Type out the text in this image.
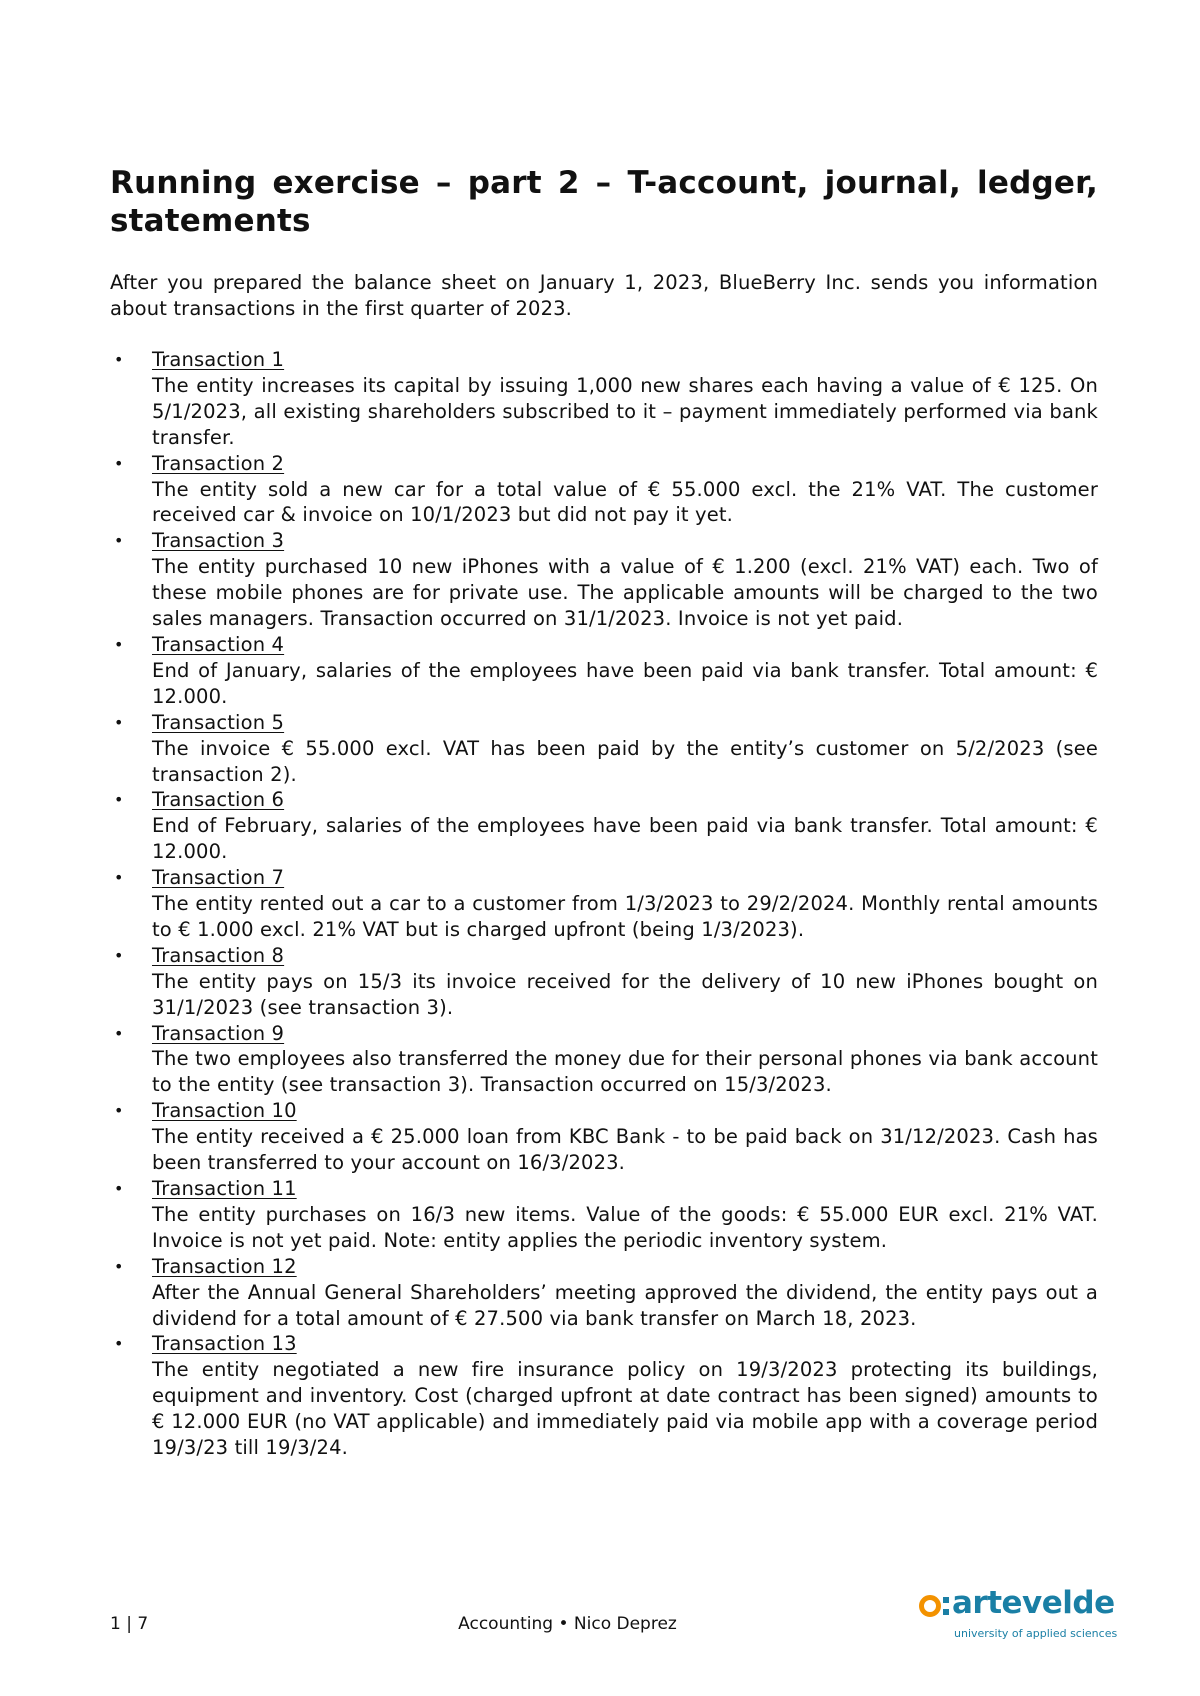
Running exercise – part 2 – T-account, journal, ledger, statements

After you prepared the balance sheet on January 1, 2023, BlueBerry Inc. sends you information about transactions in the first quarter of 2023.

• Transaction 1
The entity increases its capital by issuing 1,000 new shares each having a value of € 125. On 5/1/2023, all existing shareholders subscribed to it – payment immediately performed via bank transfer.
• Transaction 2
The entity sold a new car for a total value of € 55.000 excl. the 21% VAT. The customer received car & invoice on 10/1/2023 but did not pay it yet.
• Transaction 3
The entity purchased 10 new iPhones with a value of € 1.200 (excl. 21% VAT) each. Two of these mobile phones are for private use. The applicable amounts will be charged to the two sales managers. Transaction occurred on 31/1/2023. Invoice is not yet paid.
• Transaction 4
End of January, salaries of the employees have been paid via bank transfer. Total amount: € 12.000.
• Transaction 5
The invoice € 55.000 excl. VAT has been paid by the entity’s customer on 5/2/2023 (see transaction 2).
• Transaction 6
End of February, salaries of the employees have been paid via bank transfer. Total amount: € 12.000.
• Transaction 7
The entity rented out a car to a customer from 1/3/2023 to 29/2/2024. Monthly rental amounts to € 1.000 excl. 21% VAT but is charged upfront (being 1/3/2023).
• Transaction 8
The entity pays on 15/3 its invoice received for the delivery of 10 new iPhones bought on 31/1/2023 (see transaction 3).
• Transaction 9
The two employees also transferred the money due for their personal phones via bank account to the entity (see transaction 3). Transaction occurred on 15/3/2023.
• Transaction 10
The entity received a € 25.000 loan from KBC Bank - to be paid back on 31/12/2023. Cash has been transferred to your account on 16/3/2023.
• Transaction 11
The entity purchases on 16/3 new items. Value of the goods: € 55.000 EUR excl. 21% VAT. Invoice is not yet paid. Note: entity applies the periodic inventory system.
• Transaction 12
After the Annual General Shareholders’ meeting approved the dividend, the entity pays out a dividend for a total amount of € 27.500 via bank transfer on March 18, 2023.
• Transaction 13
The entity negotiated a new fire insurance policy on 19/3/2023 protecting its buildings, equipment and inventory. Cost (charged upfront at date contract has been signed) amounts to € 12.000 EUR (no VAT applicable) and immediately paid via mobile app with a coverage period 19/3/23 till 19/3/24.
1 | 7	Accounting • Nico Deprez
artevelde
university of applied sciences
